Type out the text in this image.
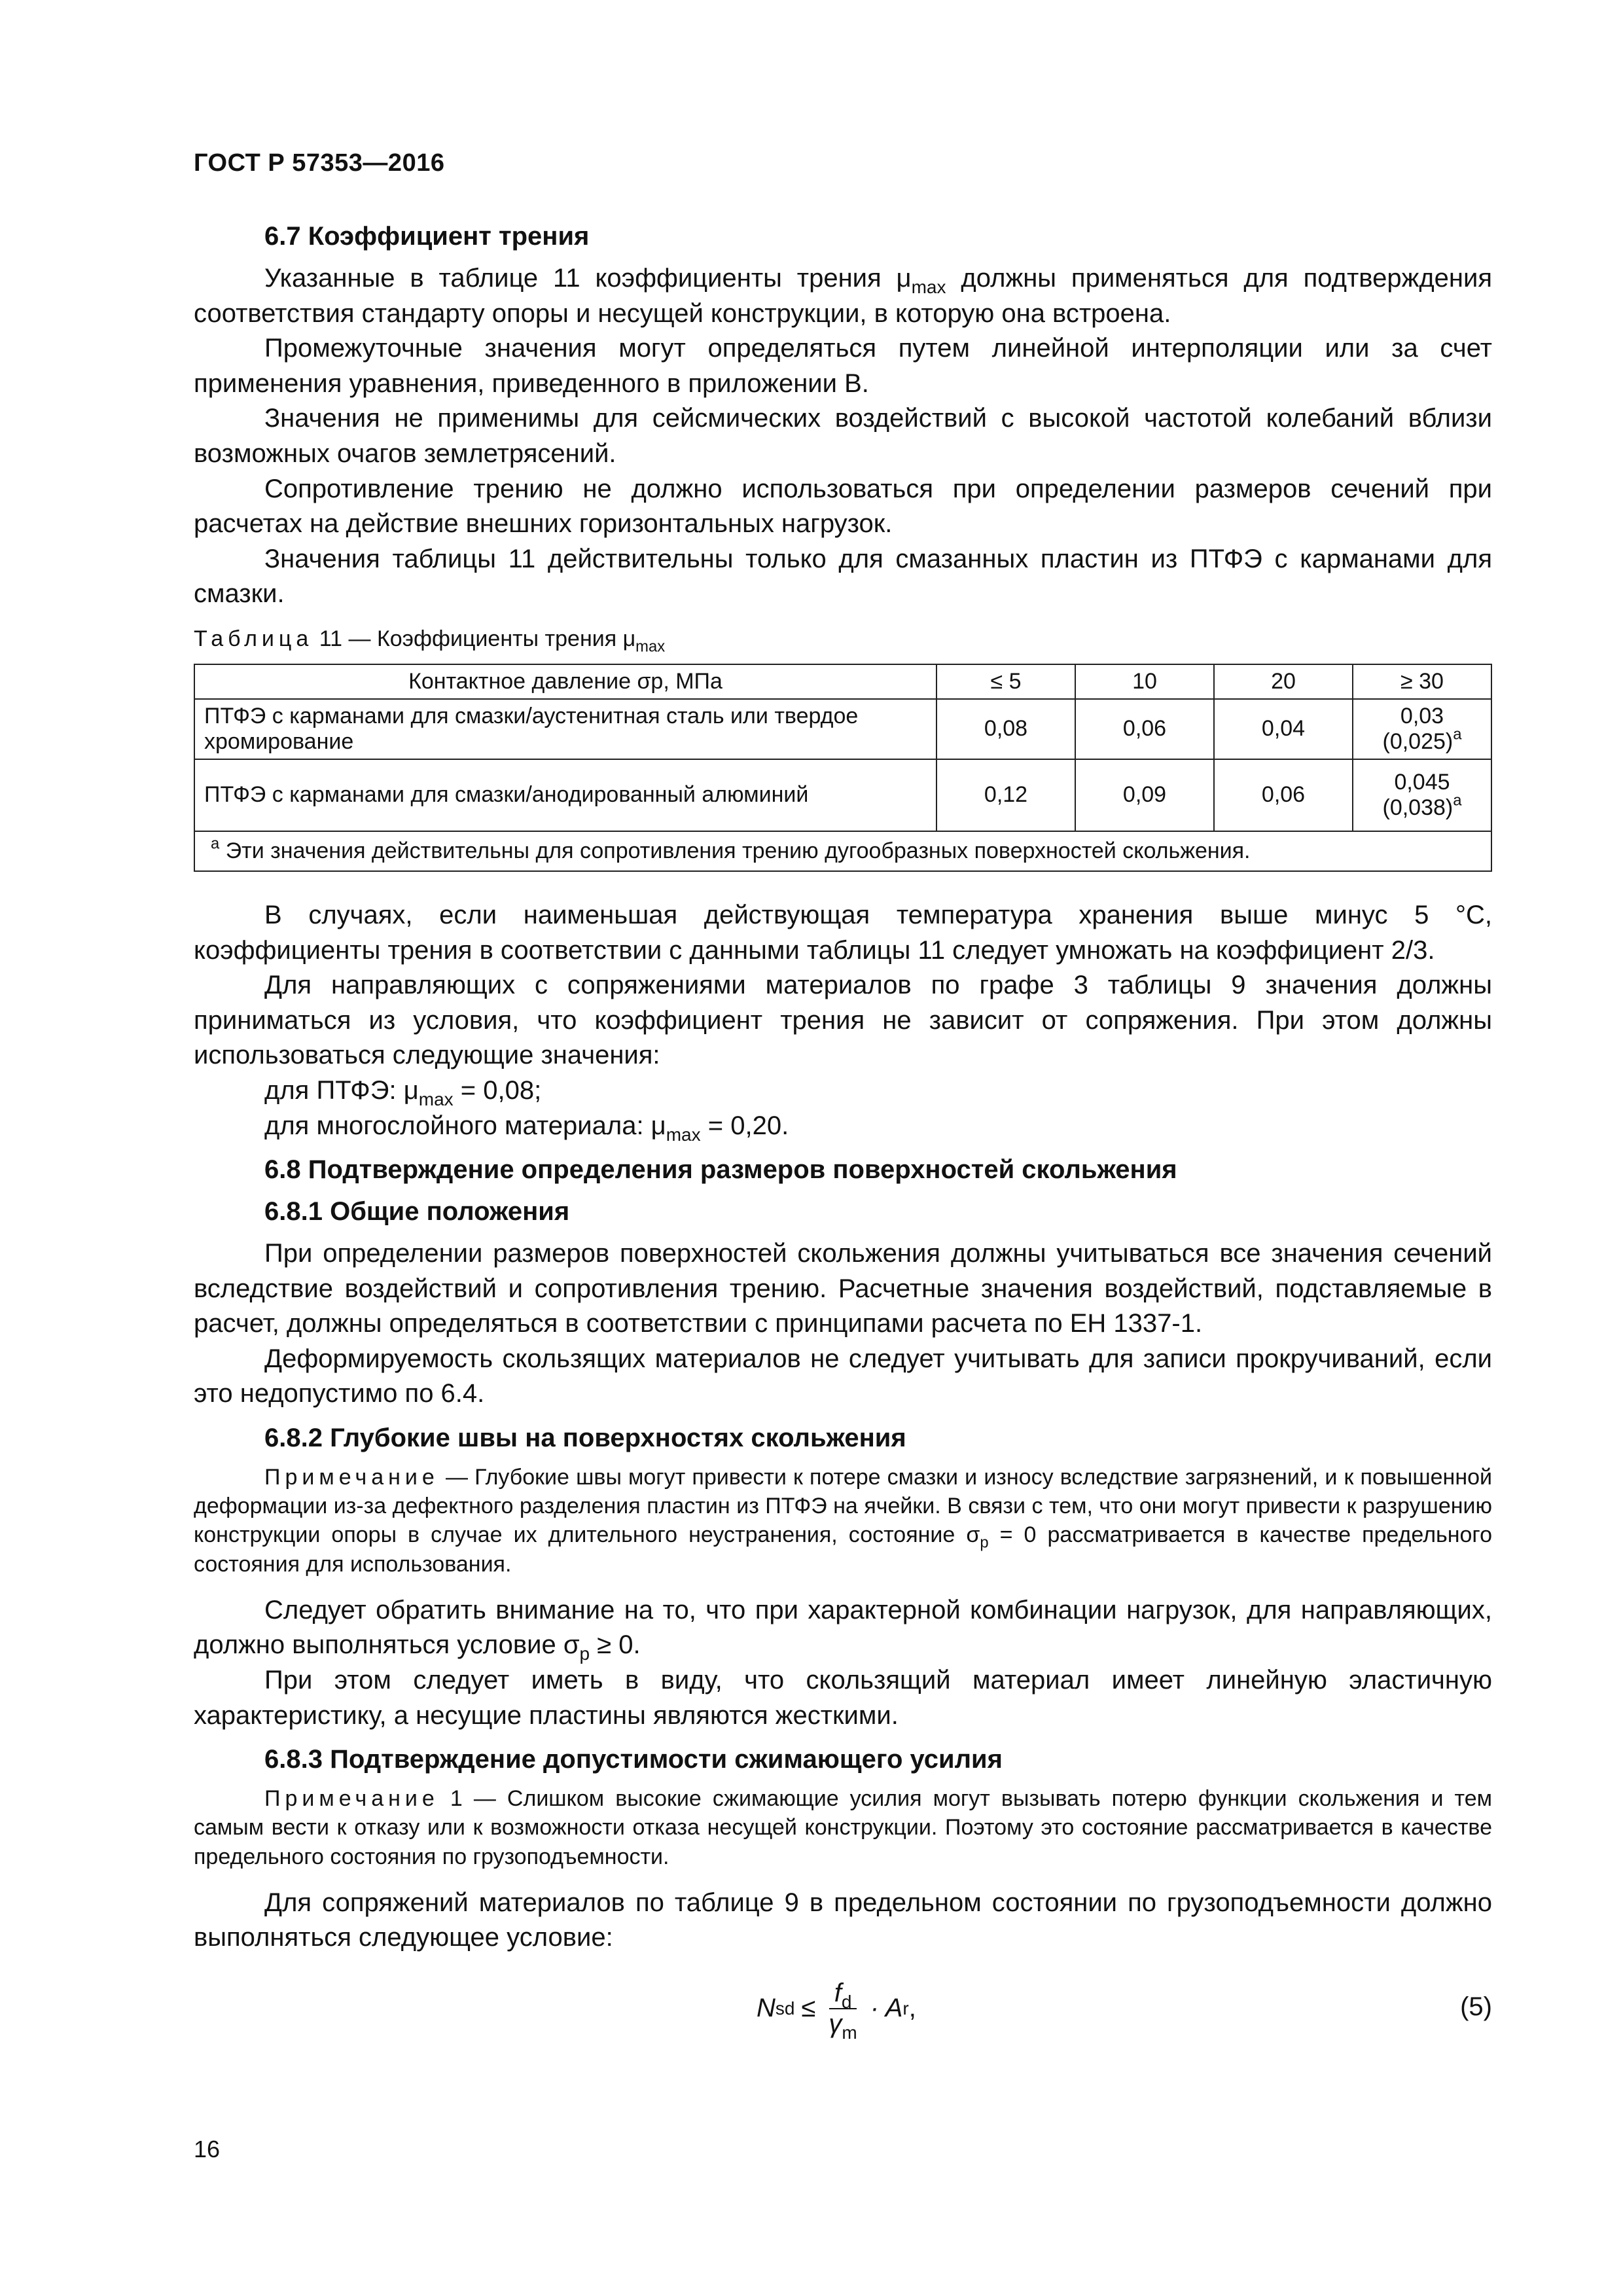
ГОСТ Р 57353—2016
6.7 Коэффициент трения

Указанные в таблице 11 коэффициенты трения $\mu_{max}$ должны применяться для подтверждения соответствия стандарту опоры и несущей конструкции, в которую она встроена.

Промежуточные значения могут определяться путем линейной интерполяции или за счет применения уравнения, приведенного в приложении В.

Значения не применимы для сейсмических воздействий с высокой частотой колебаний вблизи возможных очагов землетрясений.

Сопротивление трению не должно использоваться при определении размеров сечений при расчетах на действие внешних горизонтальных нагрузок.

Значения таблицы 11 действительны только для смазанных пластин из ПТФЭ с карманами для смазки.

Таблица 11 — Коэффициенты трения $\mu_{max}$
Контактное давление σp, МПа	≤ 5	10	20	≥ 30
ПТФЭ с карманами для смазки/аустенитная сталь или твердое хромирование	0,08	0,06	0,04	0,03
$(0,025)^a$
ПТФЭ с карманами для смазки/анодированный алюминий	0,12	0,09	0,06	0,045
$(0,038)^a$
$^a$ Эти значения действительны для сопротивления трению дугообразных поверхностей скольжения.				

В случаях, если наименьшая действующая температура хранения выше минус 5 °С, коэффициенты трения в соответствии с данными таблицы 11 следует умножать на коэффициент 2/3.

Для направляющих с сопряжениями материалов по графе 3 таблицы 9 значения должны приниматься из условия, что коэффициент трения не зависит от сопряжения. При этом должны использоваться следующие значения:

для ПТФЭ: $\mu_{max} = 0,08$;

для многослойного материала: $\mu_{max} = 0,20$.

6.8 Подтверждение определения размеров поверхностей скольжения
6.8.1 Общие положения

При определении размеров поверхностей скольжения должны учитываться все значения сечений вследствие воздействий и сопротивления трению. Расчетные значения воздействий, подставляемые в расчет, должны определяться в соответствии с принципами расчета по ЕН 1337-1.

Деформируемость скользящих материалов не следует учитывать для записи прокручиваний, если это недопустимо по 6.4.

6.8.2 Глубокие швы на поверхностях скольжения

Примечание — Глубокие швы могут привести к потере смазки и износу вследствие загрязнений, и к повышенной деформации из-за дефектного разделения пластин из ПТФЭ на ячейки. В связи с тем, что они могут привести к разрушению конструкции опоры в случае их длительного неустранения, состояние $\sigma_p = 0$ рассматривается в качестве предельного состояния для использования.

Следует обратить внимание на то, что при характерной комбинации нагрузок, для направляющих, должно выполняться условие $\sigma_p \ge 0$.

При этом следует иметь в виду, что скользящий материал имеет линейную эластичную характеристику, а несущие пластины являются жесткими.

6.8.3 Подтверждение допустимости сжимающего усилия

Примечание 1 — Слишком высокие сжимающие усилия могут вызывать потерю функции скольжения и тем самым вести к отказу или к возможности отказа несущей конструкции. Поэтому это состояние рассматривается в качестве предельного состояния по грузоподъемности.

Для сопряжений материалов по таблице 9 в предельном состоянии по грузоподъемности должно выполняться следующее условие:

N sd ≤ $\frac{f_d}{\gamma_m} \cdot A$ r ,	(5)
16
